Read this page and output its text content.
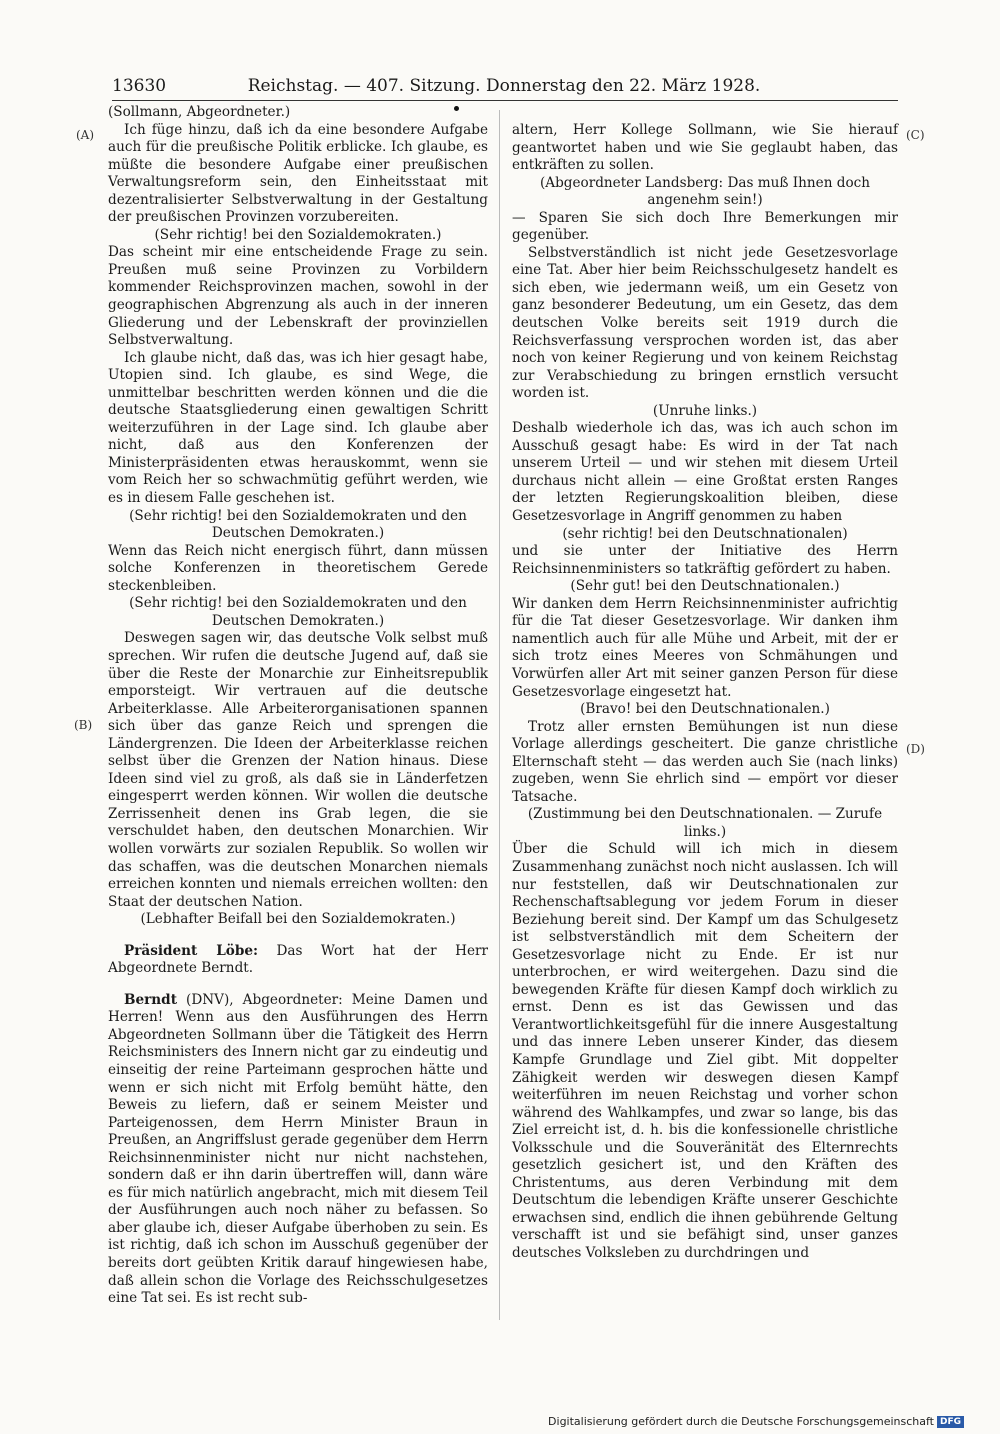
13630	Reichstag. — 407. Sitzung. Donnerstag den 22. März 1928.
(A)
(B)
(C)
(D)

(Sollmann, Abgeordneter.)

Ich füge hinzu, daß ich da eine besondere Aufgabe auch für die preußische Politik erblicke. Ich glaube, es müßte die besondere Aufgabe einer preußischen Verwaltungsreform sein, den Einheitsstaat mit dezentralisierter Selbstverwaltung in der Gestaltung der preußischen Provinzen vorzubereiten.

(Sehr richtig! bei den Sozialdemokraten.)

Das scheint mir eine entscheidende Frage zu sein. Preußen muß seine Provinzen zu Vorbildern kommender Reichsprovinzen machen, sowohl in der geographischen Abgrenzung als auch in der inneren Gliederung und der Lebenskraft der provinziellen Selbstverwaltung.

Ich glaube nicht, daß das, was ich hier gesagt habe, Utopien sind. Ich glaube, es sind Wege, die unmittelbar beschritten werden können und die die deutsche Staatsgliederung einen gewaltigen Schritt weiterzuführen in der Lage sind. Ich glaube aber nicht, daß aus den Konferenzen der Ministerpräsidenten etwas herauskommt, wenn sie vom Reich her so schwachmütig geführt werden, wie es in diesem Falle geschehen ist.

(Sehr richtig! bei den Sozialdemokraten und den Deutschen Demokraten.)

Wenn das Reich nicht energisch führt, dann müssen solche Konferenzen in theoretischem Gerede steckenbleiben.

(Sehr richtig! bei den Sozialdemokraten und den Deutschen Demokraten.)

Deswegen sagen wir, das deutsche Volk selbst muß sprechen. Wir rufen die deutsche Jugend auf, daß sie über die Reste der Monarchie zur Einheitsrepublik emporsteigt. Wir vertrauen auf die deutsche Arbeiterklasse. Alle Arbeiterorganisationen spannen sich über das ganze Reich und sprengen die Ländergrenzen. Die Ideen der Arbeiterklasse reichen selbst über die Grenzen der Nation hinaus. Diese Ideen sind viel zu groß, als daß sie in Länderfetzen eingesperrt werden können. Wir wollen die deutsche Zerrissenheit denen ins Grab legen, die sie verschuldet haben, den deutschen Monarchien. Wir wollen vorwärts zur sozialen Republik. So wollen wir das schaffen, was die deutschen Monarchen niemals erreichen konnten und niemals erreichen wollten: den Staat der deutschen Nation.

(Lebhafter Beifall bei den Sozialdemokraten.)

Präsident Löbe: Das Wort hat der Herr Abgeordnete Berndt.

Berndt (DNV), Abgeordneter: Meine Damen und Herren! Wenn aus den Ausführungen des Herrn Abgeordneten Sollmann über die Tätigkeit des Herrn Reichsministers des Innern nicht gar zu eindeutig und einseitig der reine Parteimann gesprochen hätte und wenn er sich nicht mit Erfolg bemüht hätte, den Beweis zu liefern, daß er seinem Meister und Parteigenossen, dem Herrn Minister Braun in Preußen, an Angriffslust gerade gegenüber dem Herrn Reichsinnenminister nicht nur nicht nachstehen, sondern daß er ihn darin übertreffen will, dann wäre es für mich natürlich angebracht, mich mit diesem Teil der Ausführungen auch noch näher zu befassen. So aber glaube ich, dieser Aufgabe überhoben zu sein. Es ist richtig, daß ich schon im Ausschuß gegenüber der bereits dort geübten Kritik darauf hingewiesen habe, daß allein schon die Vorlage des Reichsschulgesetzes eine Tat sei. Es ist recht sub-

altern, Herr Kollege Sollmann, wie Sie hierauf geantwortet haben und wie Sie geglaubt haben, das entkräften zu sollen.

(Abgeordneter Landsberg: Das muß Ihnen doch angenehm sein!)

— Sparen Sie sich doch Ihre Bemerkungen mir gegenüber.

Selbstverständlich ist nicht jede Gesetzesvorlage eine Tat. Aber hier beim Reichsschulgesetz handelt es sich eben, wie jedermann weiß, um ein Gesetz von ganz besonderer Bedeutung, um ein Gesetz, das dem deutschen Volke bereits seit 1919 durch die Reichsverfassung versprochen worden ist, das aber noch von keiner Regierung und von keinem Reichstag zur Verabschiedung zu bringen ernstlich versucht worden ist.

(Unruhe links.)

Deshalb wiederhole ich das, was ich auch schon im Ausschuß gesagt habe: Es wird in der Tat nach unserem Urteil — und wir stehen mit diesem Urteil durchaus nicht allein — eine Großtat ersten Ranges der letzten Regierungskoalition bleiben, diese Gesetzesvorlage in Angriff genommen zu haben

(sehr richtig! bei den Deutschnationalen)

und sie unter der Initiative des Herrn Reichsinnenministers so tatkräftig gefördert zu haben.

(Sehr gut! bei den Deutschnationalen.)

Wir danken dem Herrn Reichsinnenminister aufrichtig für die Tat dieser Gesetzesvorlage. Wir danken ihm namentlich auch für alle Mühe und Arbeit, mit der er sich trotz eines Meeres von Schmähungen und Vorwürfen aller Art mit seiner ganzen Person für diese Gesetzesvorlage eingesetzt hat.

(Bravo! bei den Deutschnationalen.)

Trotz aller ernsten Bemühungen ist nun diese Vorlage allerdings gescheitert. Die ganze christliche Elternschaft steht — das werden auch Sie (nach links) zugeben, wenn Sie ehrlich sind — empört vor dieser Tatsache.

(Zustimmung bei den Deutschnationalen. — Zurufe links.)

Über die Schuld will ich mich in diesem Zusammenhang zunächst noch nicht auslassen. Ich will nur feststellen, daß wir Deutschnationalen zur Rechenschaftsablegung vor jedem Forum in dieser Beziehung bereit sind. Der Kampf um das Schulgesetz ist selbstverständlich mit dem Scheitern der Gesetzesvorlage nicht zu Ende. Er ist nur unterbrochen, er wird weitergehen. Dazu sind die bewegenden Kräfte für diesen Kampf doch wirklich zu ernst. Denn es ist das Gewissen und das Verantwortlichkeitsgefühl für die innere Ausgestaltung und das innere Leben unserer Kinder, das diesem Kampfe Grundlage und Ziel gibt. Mit doppelter Zähigkeit werden wir deswegen diesen Kampf weiterführen im neuen Reichstag und vorher schon während des Wahlkampfes, und zwar so lange, bis das Ziel erreicht ist, d. h. bis die konfessionelle christliche Volksschule und die Souveränität des Elternrechts gesetzlich gesichert ist, und den Kräften des Christentums, aus deren Verbindung mit dem Deutschtum die lebendigen Kräfte unserer Geschichte erwachsen sind, endlich die ihnen gebührende Geltung verschafft ist und sie befähigt sind, unser ganzes deutsches Volksleben zu durchdringen und

Digitalisierung gefördert durch die Deutsche Forschungsgemeinschaft DFG
